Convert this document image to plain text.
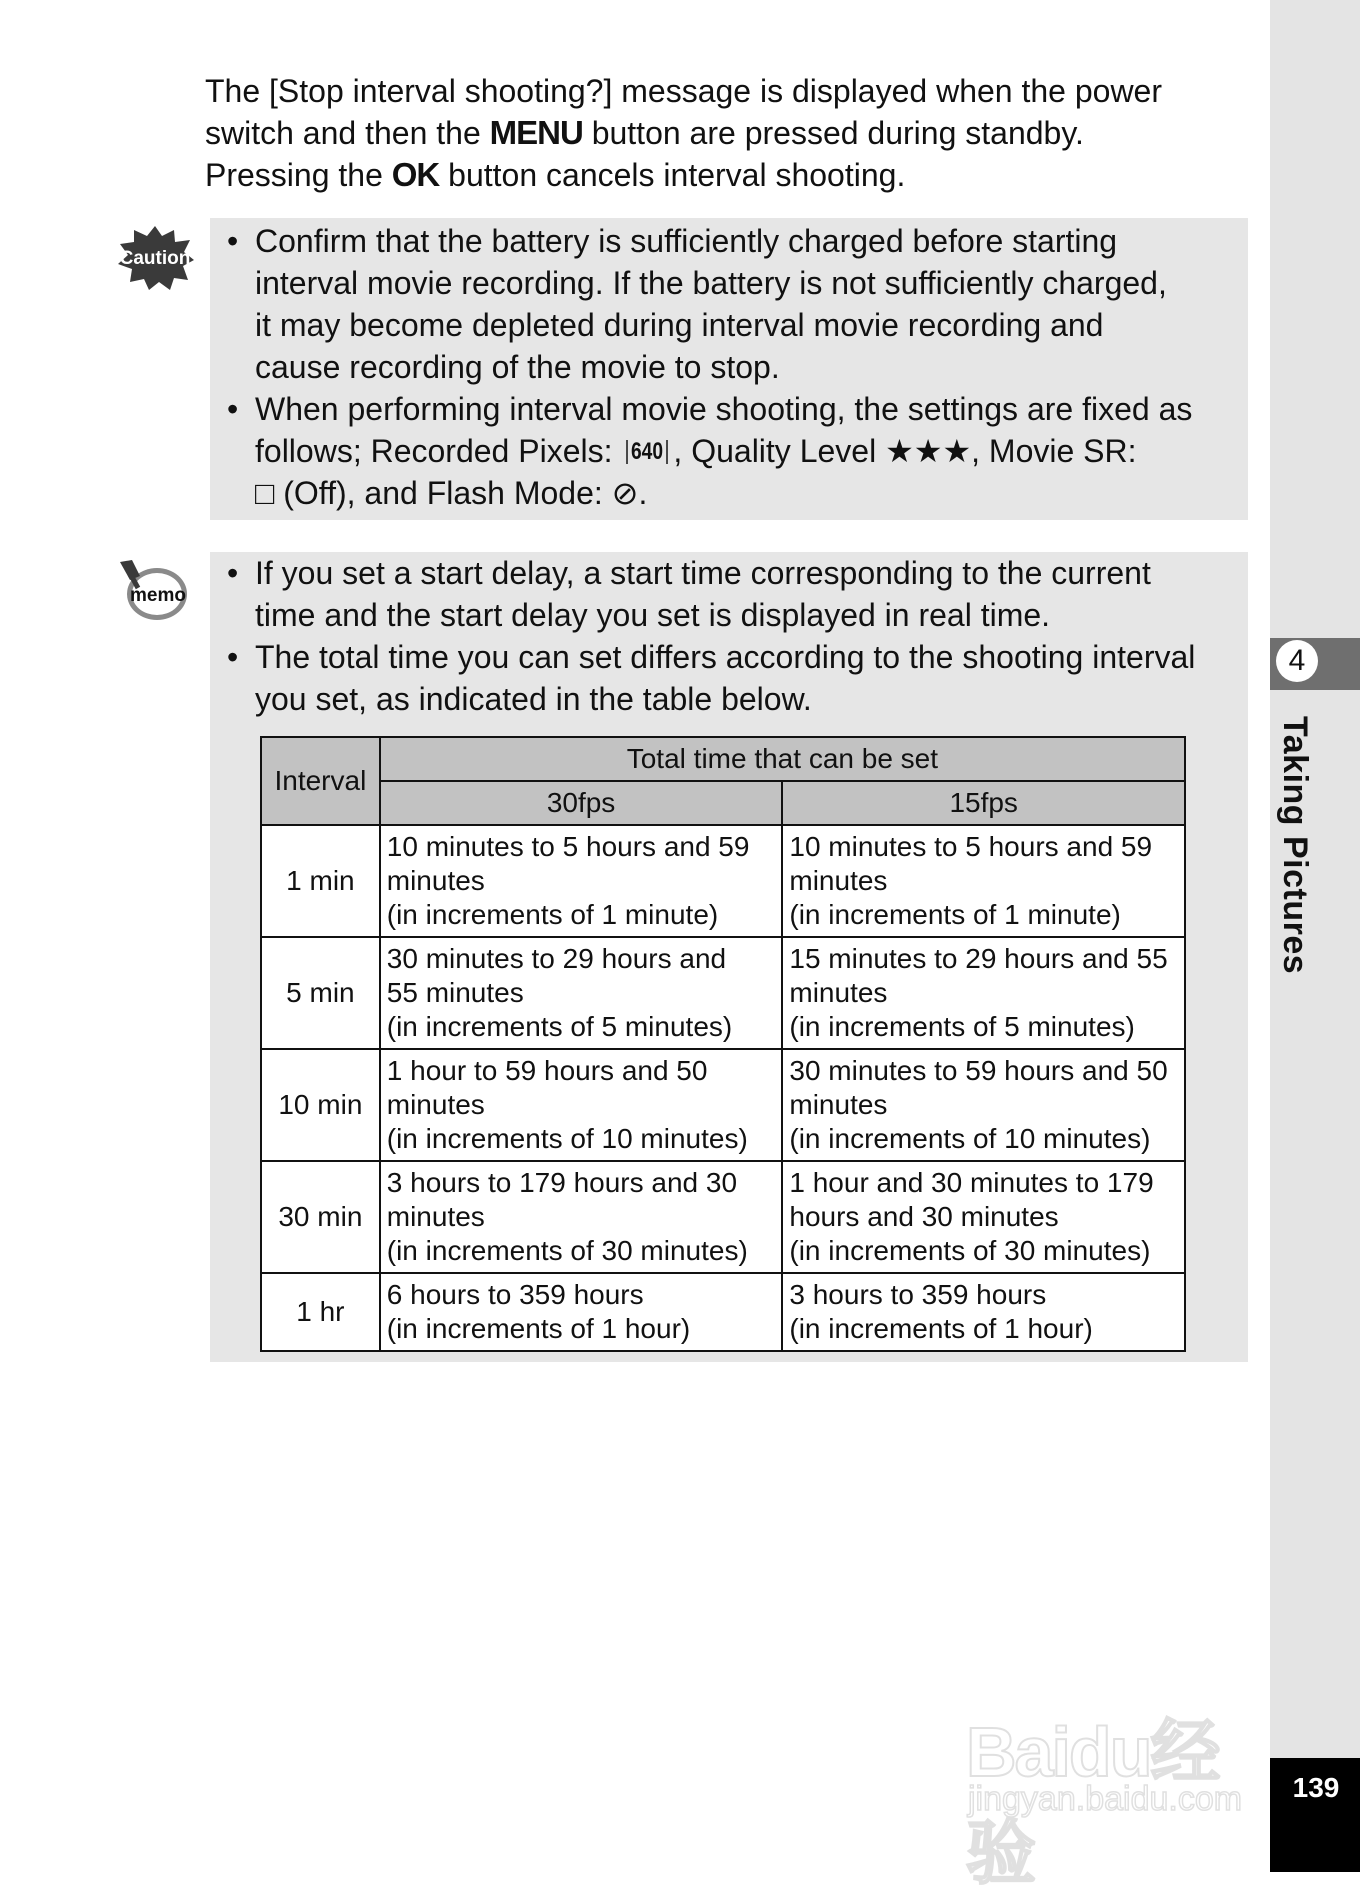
The [Stop interval shooting?] message is displayed when the power

switch and then the MENU button are pressed during standby.

Pressing the OK button cancels interval shooting.

Caution • Confirm that the battery is sufficiently charged before starting
interval movie recording. If the battery is not sufficiently charged,
it may become depleted during interval movie recording and
cause recording of the movie to stop.
• When performing interval movie shooting, the settings are fixed as
follows; Recorded Pixels: 640 , Quality Level ★★★, Movie SR:
□ (Off), and Flash Mode: ⊘.
memo
• If you set a start delay, a start time corresponding to the current
time and the start delay you set is displayed in real time.
• The total time you can set differs according to the shooting interval
you set, as indicated in the table below.
Interval	Total time that can be set	
	30fps	15fps
1 min	10 minutes to 5 hours and 59
minutes
(in increments of 1 minute)	10 minutes to 5 hours and 59
minutes
(in increments of 1 minute)

5 min	30 minutes to 29 hours and
55 minutes
(in increments of 5 minutes)	15 minutes to 29 hours and 55
minutes
(in increments of 5 minutes)

10 min	1 hour to 59 hours and 50
minutes
(in increments of 10 minutes)	30 minutes to 59 hours and 50
minutes
(in increments of 10 minutes)

30 min	3 hours to 179 hours and 30
minutes
(in increments of 30 minutes)	1 hour and 30 minutes to 179
hours and 30 minutes
(in increments of 30 minutes)

1 hr	6 hours to 359 hours
(in increments of 1 hour)	3 hours to 359 hours
(in increments of 1 hour)
4
Taking Pictures
139
Baidu经验
jingyan.baidu.com
